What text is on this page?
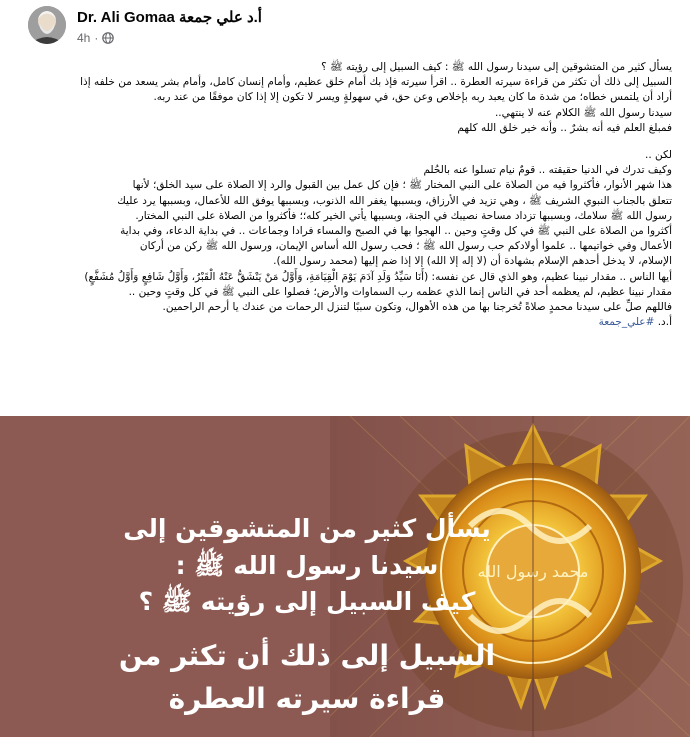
Dr. Ali Gomaa أ.د علي جمعة
4h ·

يسأل كثير من المتشوقين إلى سيدنا رسول الله ﷺ : كيف السبيل إلى رؤيته ﷺ ؟

السبيل إلى ذلك أن تكثر من قراءة سيرته العطرة .. اقرأ سيرته فإذ بك أمام خلق عظيم، وأمام إنسان كامل، وأمام بشر يسعد من خلفه إذا

أراد أن يلتمس خطاه؛ من شدة ما كان يعبد ربه بإخلاص وعن حق، في سهولةٍ ويسر لا تكون إلا إذا كان موفقًا من عند ربه.

سيدنا رسول الله ﷺ الكلام عنه لا ينتهي..

فمبلغ العلم فيه أنه بشرٌ .. وأنه خير خلق الله كلهم

لكن ..

وكيف تدرك في الدنيا حقيقته .. قومٌ نيام تسلوا عنه بالحُلم

هذا شهر الأنوار، فأكثروا فيه من الصلاة على النبي المختار ﷺ ؛ فإن كل عمل بين القبول والرد إلا الصلاة على سيد الخلق؛ لأنها

تتعلق بالجناب النبوي الشريف ﷺ ، وهي تزيد في الأرزاق، وبسببها يغفر الله الذنوب، وبسببها يوفق الله للأعمال، وبسببها يرد عليك

رسول الله ﷺ سلامك، وبسببها تزداد مساحة نصيبك في الجنة، وبسببها يأتي الخير كله؛؛ فأكثروا من الصلاة على النبي المختار.

أكثروا من الصلاة على النبي ﷺ في كل وقتٍ وحين .. الهجوا بها في الصبح والمساء فرادا وجماعات .. في بداية الدعاء، وفي بداية

الأعمال وفي خواتيمها .. علموا أولادكم حب رسول الله ﷺ ؛ فحب رسول الله أساس الإيمان، ورسول الله ﷺ ركن من أركان

الإسلام، لا يدخل أحدهم الإسلام بشهادة أن (لا إله إلا الله) إلا إذا ضم إليها (محمد رسول الله).

أيها الناس .. مقدار نبينا عظيم، وهو الذي قال عن نفسه: (أَنَا سَيِّدُ وَلَدِ آدَمَ يَوْمَ الْقِيَامَةِ، وَأَوَّلُ مَنْ يَنْشَقُّ عَنْهُ الْقَبْرُ، وَأَوَّلُ شَافِعٍ وَأَوَّلُ مُشَفَّعٍ)

مقدار نبينا عظيم، لم يعظمه أحد في الناس إنما الذي عظمه رب السماوات والأرض؛ فصلوا على النبي ﷺ في كل وقتٍ وحين ..

فاللهم صلِّ على سيدنا محمدٍ صلاةً تُخرجنا بها من هذه الأهوال، وتكون سببًا لتنزل الرحمات من عندك يا أرحم الراحمين.

أ.د. #علي_جمعة

محمد رسول الله
يسأل كثير من المتشوقين إلى
سيدنا رسول الله ﷺ :
كيف السبيل إلى رؤيته ﷺ ؟
السبيل إلى ذلك أن تكثر من
قراءة سيرته العطرة
